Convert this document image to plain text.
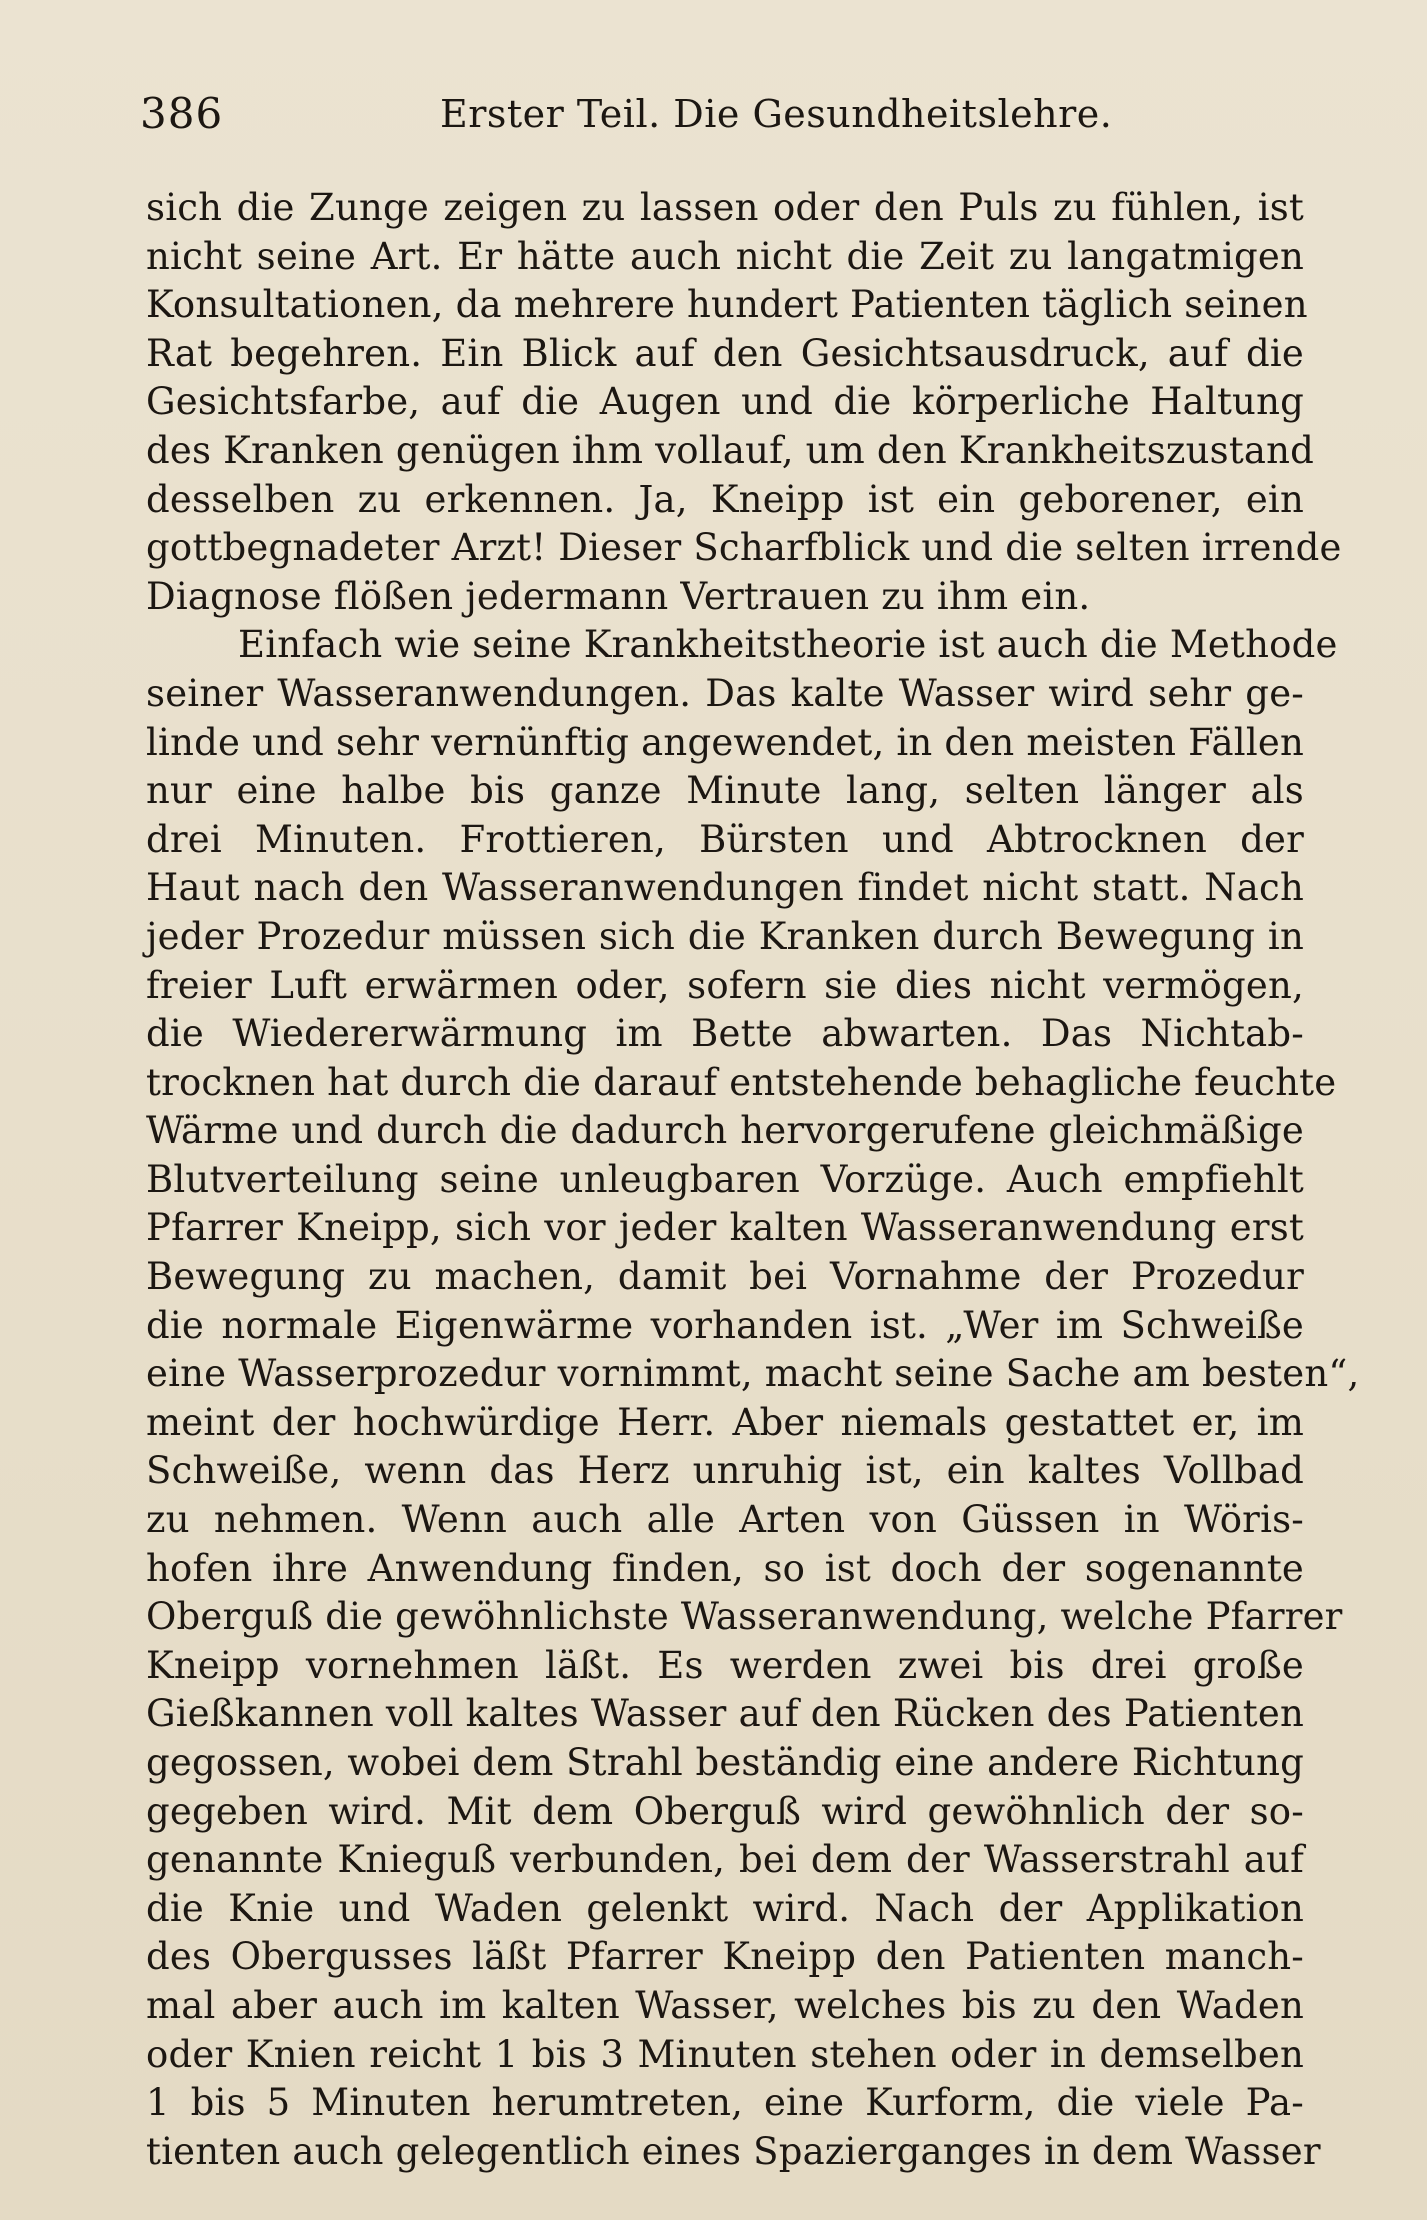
386	Erster Teil. Die Gesundheitslehre.
sich die Zunge zeigen zu lassen oder den Puls zu fühlen, ist
nicht seine Art. Er hätte auch nicht die Zeit zu langatmigen
Konsultationen, da mehrere hundert Patienten täglich seinen
Rat begehren. Ein Blick auf den Gesichtsausdruck, auf die
Gesichtsfarbe, auf die Augen und die körperliche Haltung
des Kranken genügen ihm vollauf, um den Krankheitszustand
desselben zu erkennen. Ja, Kneipp ist ein geborener, ein
gottbegnadeter Arzt! Dieser Scharfblick und die selten irrende
Diagnose flößen jedermann Vertrauen zu ihm ein.
Einfach wie seine Krankheitstheorie ist auch die Methode
seiner Wasseranwendungen. Das kalte Wasser wird sehr ge-
linde und sehr vernünftig angewendet, in den meisten Fällen
nur eine halbe bis ganze Minute lang, selten länger als
drei Minuten. Frottieren, Bürsten und Abtrocknen der
Haut nach den Wasseranwendungen findet nicht statt. Nach
jeder Prozedur müssen sich die Kranken durch Bewegung in
freier Luft erwärmen oder, sofern sie dies nicht vermögen,
die Wiedererwärmung im Bette abwarten. Das Nichtab-
trocknen hat durch die darauf entstehende behagliche feuchte
Wärme und durch die dadurch hervorgerufene gleichmäßige
Blutverteilung seine unleugbaren Vorzüge. Auch empfiehlt
Pfarrer Kneipp, sich vor jeder kalten Wasseranwendung erst
Bewegung zu machen, damit bei Vornahme der Prozedur
die normale Eigenwärme vorhanden ist. „Wer im Schweiße
eine Wasserprozedur vornimmt, macht seine Sache am besten“,
meint der hochwürdige Herr. Aber niemals gestattet er, im
Schweiße, wenn das Herz unruhig ist, ein kaltes Vollbad
zu nehmen. Wenn auch alle Arten von Güssen in Wöris-
hofen ihre Anwendung finden, so ist doch der sogenannte
Oberguß die gewöhnlichste Wasseranwendung, welche Pfarrer
Kneipp vornehmen läßt. Es werden zwei bis drei große
Gießkannen voll kaltes Wasser auf den Rücken des Patienten
gegossen, wobei dem Strahl beständig eine andere Richtung
gegeben wird. Mit dem Oberguß wird gewöhnlich der so-
genannte Knieguß verbunden, bei dem der Wasserstrahl auf
die Knie und Waden gelenkt wird. Nach der Applikation
des Obergusses läßt Pfarrer Kneipp den Patienten manch-
mal aber auch im kalten Wasser, welches bis zu den Waden
oder Knien reicht 1 bis 3 Minuten stehen oder in demselben
1 bis 5 Minuten herumtreten, eine Kurform, die viele Pa-
tienten auch gelegentlich eines Spazierganges in dem Wasser
